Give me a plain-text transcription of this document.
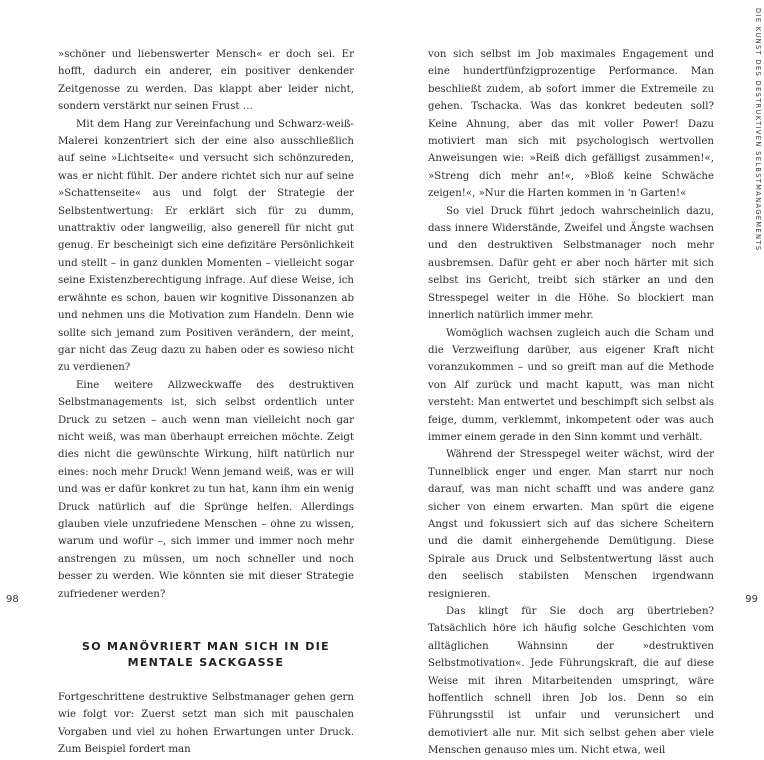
»schöner und liebenswerter Mensch« er doch sei. Er hofft, dadurch ein anderer, ein positiver denkender Zeitgenosse zu werden. Das klappt aber leider nicht, sondern verstärkt nur seinen Frust …

Mit dem Hang zur Vereinfachung und Schwarz-weiß-Malerei konzentriert sich der eine also ausschließlich auf seine »Lichtseite« und versucht sich schönzureden, was er nicht fühlt. Der andere richtet sich nur auf seine »Schattenseite« aus und folgt der Strategie der Selbstentwertung: Er erklärt sich für zu dumm, unattraktiv oder langweilig, also generell für nicht gut genug. Er bescheinigt sich eine defizitäre Persönlichkeit und stellt – in ganz dunklen Momenten – vielleicht sogar seine Existenzberechtigung infrage. Auf diese Weise, ich erwähnte es schon, bauen wir kognitive Dissonanzen ab und nehmen uns die Motivation zum Handeln. Denn wie sollte sich jemand zum Positiven verändern, der meint, gar nicht das Zeug dazu zu haben oder es sowieso nicht zu verdienen?

Eine weitere Allzweckwaffe des destruktiven Selbstmanagements ist, sich selbst ordentlich unter Druck zu setzen – auch wenn man vielleicht noch gar nicht weiß, was man überhaupt erreichen möchte. Zeigt dies nicht die gewünschte Wirkung, hilft natürlich nur eines: noch mehr Druck! Wenn jemand weiß, was er will und was er dafür konkret zu tun hat, kann ihm ein wenig Druck natürlich auf die Sprünge helfen. Allerdings glauben viele unzufriedene Menschen – ohne zu wissen, warum und wofür –, sich immer und immer noch mehr anstrengen zu müssen, um noch schneller und noch besser zu werden. Wie könnten sie mit dieser Strategie zufriedener werden?

SO MANÖVRIERT MAN SICH IN DIE
MENTALE SACKGASSE

Fortgeschrittene destruktive Selbstmanager gehen gern wie folgt vor: Zuerst setzt man sich mit pauschalen Vorgaben und viel zu hohen Erwartungen unter Druck. Zum Beispiel fordert man

98
DIE KUNST DES DESTRUKTIVEN SELBSTMANAGEMENTS
99

von sich selbst im Job maximales Engagement und eine hundertfünfzigprozentige Performance. Man beschließt zudem, ab sofort immer die Extremeile zu gehen. Tschacka. Was das konkret bedeuten soll? Keine Ahnung, aber das mit voller Power! Dazu motiviert man sich mit psychologisch wertvollen Anweisungen wie: »Reiß dich gefälligst zusammen!«, »Streng dich mehr an!«, »Bloß keine Schwäche zeigen!«, »Nur die Harten kommen in 'n Garten!«

So viel Druck führt jedoch wahrscheinlich dazu, dass innere Widerstände, Zweifel und Ängste wachsen und den destruktiven Selbstmanager noch mehr ausbremsen. Dafür geht er aber noch härter mit sich selbst ins Gericht, treibt sich stärker an und den Stresspegel weiter in die Höhe. So blockiert man innerlich natürlich immer mehr.

Womöglich wachsen zugleich auch die Scham und die Verzweiflung darüber, aus eigener Kraft nicht voranzukommen – und so greift man auf die Methode von Alf zurück und macht kaputt, was man nicht versteht: Man entwertet und beschimpft sich selbst als feige, dumm, verklemmt, inkompetent oder was auch immer einem gerade in den Sinn kommt und verhält.

Während der Stresspegel weiter wächst, wird der Tunnelblick enger und enger. Man starrt nur noch darauf, was man nicht schafft und was andere ganz sicher von einem erwarten. Man spürt die eigene Angst und fokussiert sich auf das sichere Scheitern und die damit einhergehende Demütigung. Diese Spirale aus Druck und Selbstentwertung lässt auch den seelisch stabilsten Menschen irgendwann resignieren.

Das klingt für Sie doch arg übertrieben? Tatsächlich höre ich häufig solche Geschichten vom alltäglichen Wahnsinn der »destruktiven Selbstmotivation«. Jede Führungskraft, die auf diese Weise mit ihren Mitarbeitenden umspringt, wäre hoffentlich schnell ihren Job los. Denn so ein Führungsstil ist unfair und verunsichert und demotiviert alle nur. Mit sich selbst gehen aber viele Menschen genauso mies um. Nicht etwa, weil
